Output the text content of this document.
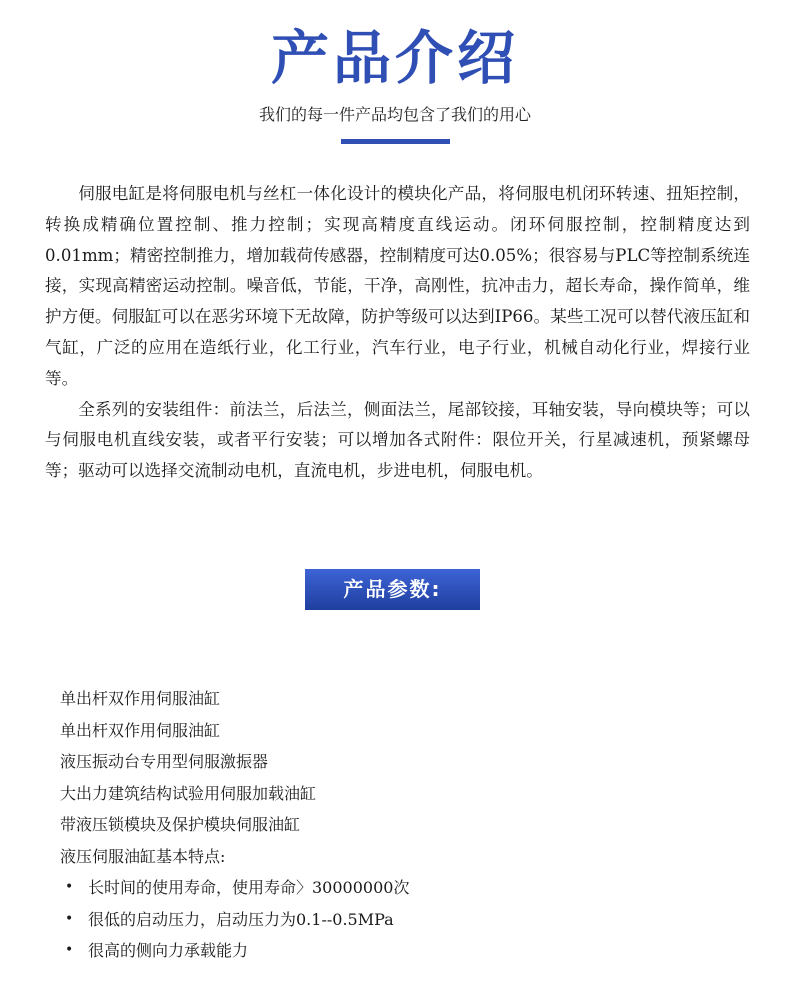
产品介绍
我们的每一件产品均包含了我们的用心

伺服电缸是将伺服电机与丝杠一体化设计的模块化产品，将伺服电机闭环转速、扭矩控制，转换成精确位置控制、推力控制；实现高精度直线运动。闭环伺服控制，控制精度达到0.01mm；精密控制推力，增加载荷传感器，控制精度可达0.05%；很容易与PLC等控制系统连接，实现高精密运动控制。噪音低，节能，干净，高刚性，抗冲击力，超长寿命，操作简单，维护方便。伺服缸可以在恶劣环境下无故障，防护等级可以达到IP66。某些工况可以替代液压缸和气缸，广泛的应用在造纸行业，化工行业，汽车行业，电子行业，机械自动化行业，焊接行业等。

全系列的安装组件：前法兰，后法兰，侧面法兰，尾部铰接，耳轴安装，导向模块等；可以与伺服电机直线安装，或者平行安装；可以增加各式附件：限位开关，行星减速机，预紧螺母等；驱动可以选择交流制动电机，直流电机，步进电机，伺服电机。

产品参数:
单出杆双作用伺服油缸
单出杆双作用伺服油缸
液压振动台专用型伺服激振器
大出力建筑结构试验用伺服加载油缸
带液压锁模块及保护模块伺服油缸
液压伺服油缸基本特点:
• 长时间的使用寿命，使用寿命〉30000000次
• 很低的启动压力，启动压力为0.1--0.5MPa
• 很高的侧向力承载能力
